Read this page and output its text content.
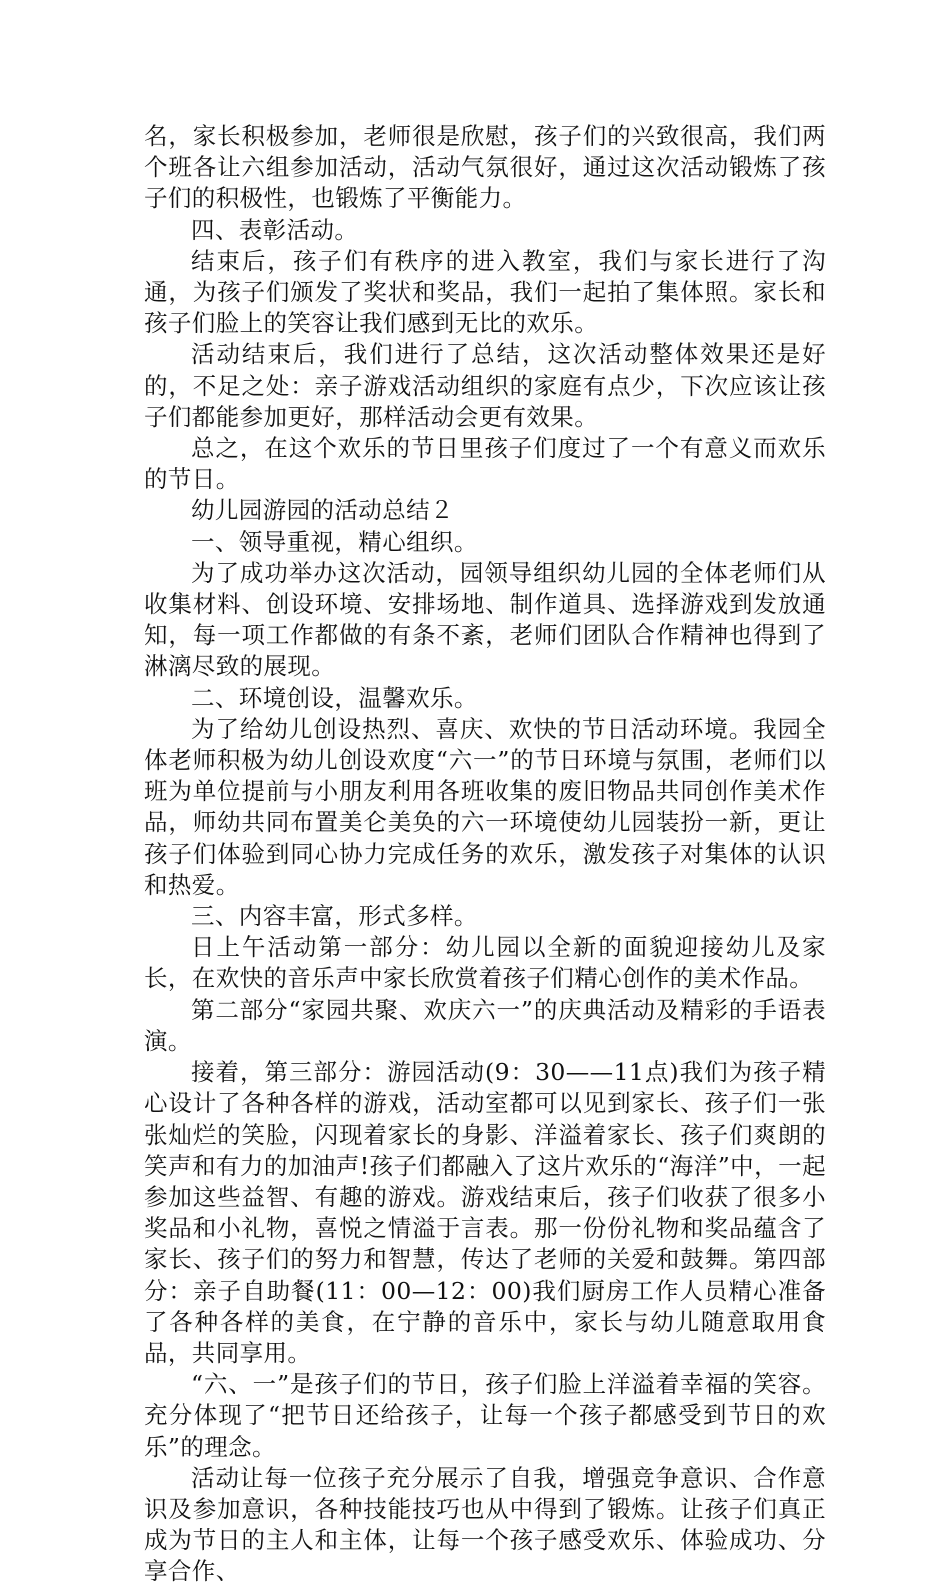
名，家长积极参加，老师很是欣慰，孩子们的兴致很高，我们两个班各让六组参加活动，活动气氛很好，通过这次活动锻炼了孩子们的积极性，也锻炼了平衡能力。

四、表彰活动。

结束后，孩子们有秩序的进入教室，我们与家长进行了沟通，为孩子们颁发了奖状和奖品，我们一起拍了集体照。家长和孩子们脸上的笑容让我们感到无比的欢乐。

活动结束后，我们进行了总结，这次活动整体效果还是好的，不足之处：亲子游戏活动组织的家庭有点少，下次应该让孩子们都能参加更好，那样活动会更有效果。

总之，在这个欢乐的节日里孩子们度过了一个有意义而欢乐的节日。

幼儿园游园的活动总结２

一、领导重视，精心组织。

为了成功举办这次活动，园领导组织幼儿园的全体老师们从收集材料、创设环境、安排场地、制作道具、选择游戏到发放通知，每一项工作都做的有条不紊，老师们团队合作精神也得到了淋漓尽致的展现。

二、环境创设，温馨欢乐。

为了给幼儿创设热烈、喜庆、欢快的节日活动环境。我园全体老师积极为幼儿创设欢度“六一”的节日环境与氛围，老师们以班为单位提前与小朋友利用各班收集的废旧物品共同创作美术作品，师幼共同布置美仑美奂的六一环境使幼儿园装扮一新，更让孩子们体验到同心协力完成任务的欢乐，激发孩子对集体的认识和热爱。

三、内容丰富，形式多样。

日上午活动第一部分：幼儿园以全新的面貌迎接幼儿及家长，在欢快的音乐声中家长欣赏着孩子们精心创作的美术作品。

第二部分“家园共聚、欢庆六一”的庆典活动及精彩的手语表演。

接着，第三部分：游园活动(9：30——11点)我们为孩子精心设计了各种各样的游戏，活动室都可以见到家长、孩子们一张张灿烂的笑脸，闪现着家长的身影、洋溢着家长、孩子们爽朗的笑声和有力的加油声!孩子们都融入了这片欢乐的“海洋”中，一起参加这些益智、有趣的游戏。游戏结束后，孩子们收获了很多小奖品和小礼物，喜悦之情溢于言表。那一份份礼物和奖品蕴含了家长、孩子们的努力和智慧，传达了老师的关爱和鼓舞。第四部分：亲子自助餐(11：00—12：00)我们厨房工作人员精心准备了各种各样的美食，在宁静的音乐中，家长与幼儿随意取用食品，共同享用。

“六、一”是孩子们的节日，孩子们脸上洋溢着幸福的笑容。充分体现了“把节日还给孩子，让每一个孩子都感受到节日的欢乐”的理念。

活动让每一位孩子充分展示了自我，增强竞争意识、合作意识及参加意识，各种技能技巧也从中得到了锻炼。让孩子们真正成为节日的主人和主体，让每一个孩子感受欢乐、体验成功、分享合作、
